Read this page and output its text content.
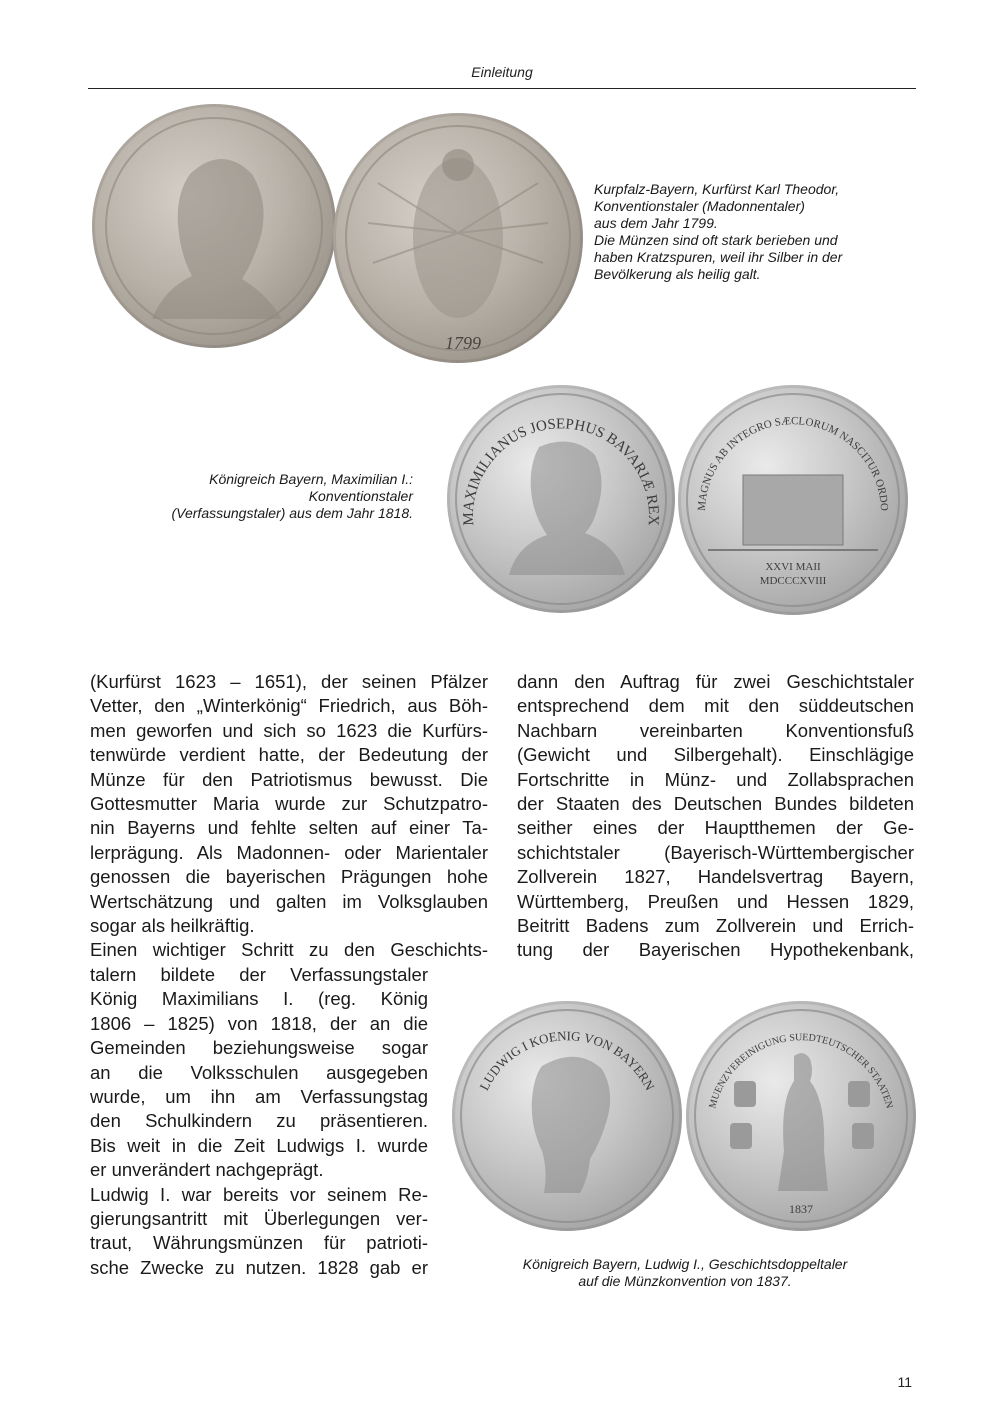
Einleitung
1799
Kurpfalz-Bayern, Kurfürst Karl Theodor,
Konventionstaler (Madonnentaler)
aus dem Jahr 1799.
Die Münzen sind oft stark berieben und
haben Kratzspuren, weil ihr Silber in der
Bevölkerung als heilig galt.
MAXIMILIANUS JOSEPHUS BAVARIÆ REX
MAGNUS AB INTEGRO SÆCLORUM NASCITUR ORDO
XXVI MAII
MDCCCXVIII
Königreich Bayern, Maximilian I.:
Konventionstaler
(Verfassungstaler) aus dem Jahr 1818.
(Kurfürst 1623 – 1651), der seinen Pfälzer
Vetter, den „Winterkönig“ Friedrich, aus Böh-
men geworfen und sich so 1623 die Kurfürs-
tenwürde verdient hatte, der Bedeutung der
Münze für den Patriotismus bewusst. Die
Gottesmutter Maria wurde zur Schutzpatro-
nin Bayerns und fehlte selten auf einer Ta-
lerprägung. Als Madonnen- oder Marientaler
genossen die bayerischen Prägungen hohe
Wertschätzung und galten im Volksglauben
sogar als heilkräftig.
Einen wichtiger Schritt zu den Geschichts-
talern bildete der Verfassungstaler
König Maximilians I. (reg. König
1806 – 1825) von 1818, der an die
Gemeinden beziehungsweise sogar
an die Volksschulen ausgegeben
wurde, um ihn am Verfassungstag
den Schulkindern zu präsentieren.
Bis weit in die Zeit Ludwigs I. wurde
er unverändert nachgeprägt.
Ludwig I. war bereits vor seinem Re-
gierungsantritt mit Überlegungen ver-
traut, Währungsmünzen für patrioti-
sche Zwecke zu nutzen. 1828 gab er
dann den Auftrag für zwei Geschichtstaler
entsprechend dem mit den süddeutschen
Nachbarn vereinbarten Konventionsfuß
(Gewicht und Silbergehalt). Einschlägige
Fortschritte in Münz- und Zollabsprachen
der Staaten des Deutschen Bundes bildeten
seither eines der Hauptthemen der Ge-
schichtstaler (Bayerisch-Württembergischer
Zollverein 1827, Handelsvertrag Bayern,
Württemberg, Preußen und Hessen 1829,
Beitritt Badens zum Zollverein und Errich-
tung der Bayerischen Hypothekenbank,
LUDWIG I KOENIG VON BAYERN
MUENZVEREINIGUNG SUEDTEUTSCHER STAATEN
1837
Königreich Bayern, Ludwig I., Geschichtsdoppeltaler
auf die Münzkonvention von 1837.
11
